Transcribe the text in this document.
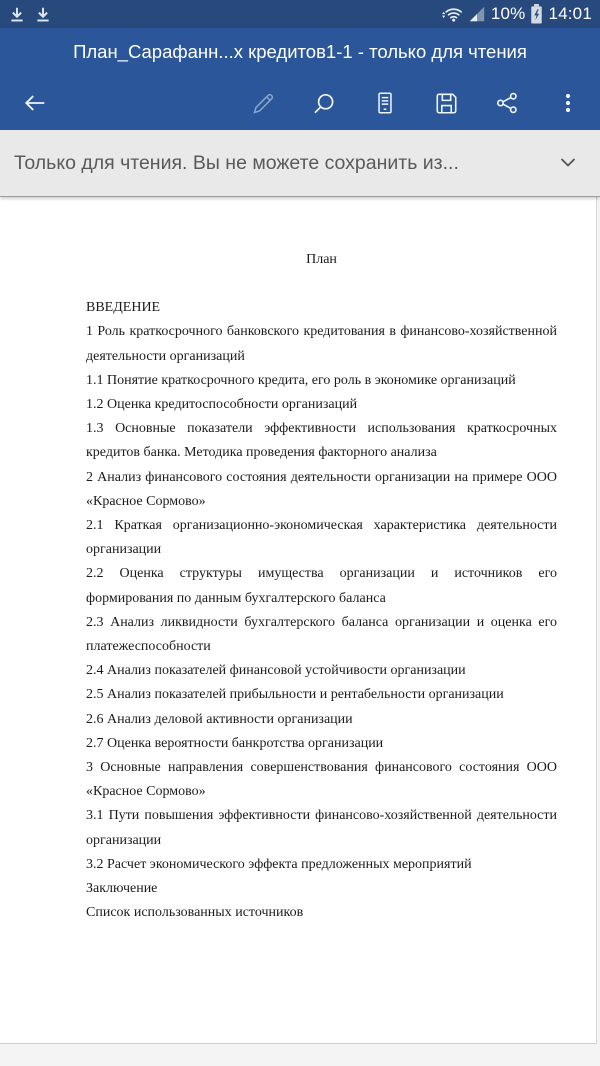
10% 14:01
План_Сарафанн...х кредитов1-1 - только для чтения
Только для чтения. Вы не можете сохранить из...

План

ВВЕДЕНИЕ

1 Роль краткосрочного банковского кредитования в финансово-хозяйственной деятельности организаций

1.1 Понятие краткосрочного кредита, его роль в экономике организаций

1.2 Оценка кредитоспособности организаций

1.3 Основные показатели эффективности использования краткосрочных кредитов банка. Методика проведения факторного анализа

2 Анализ финансового состояния деятельности организации на примере ООО «Красное Сормово»

2.1 Краткая организационно-экономическая характеристика деятельности организации

2.2 Оценка структуры имущества организации и источников его формирования по данным бухгалтерского баланса

2.3 Анализ ликвидности бухгалтерского баланса организации и оценка его платежеспособности

2.4 Анализ показателей финансовой устойчивости организации

2.5 Анализ показателей прибыльности и рентабельности организации

2.6 Анализ деловой активности организации

2.7 Оценка вероятности банкротства организации

3 Основные направления совершенствования финансового состояния ООО «Красное Сормово»

3.1 Пути повышения эффективности финансово-хозяйственной деятельности организации

3.2 Расчет экономического эффекта предложенных мероприятий

Заключение

Список использованных источников
